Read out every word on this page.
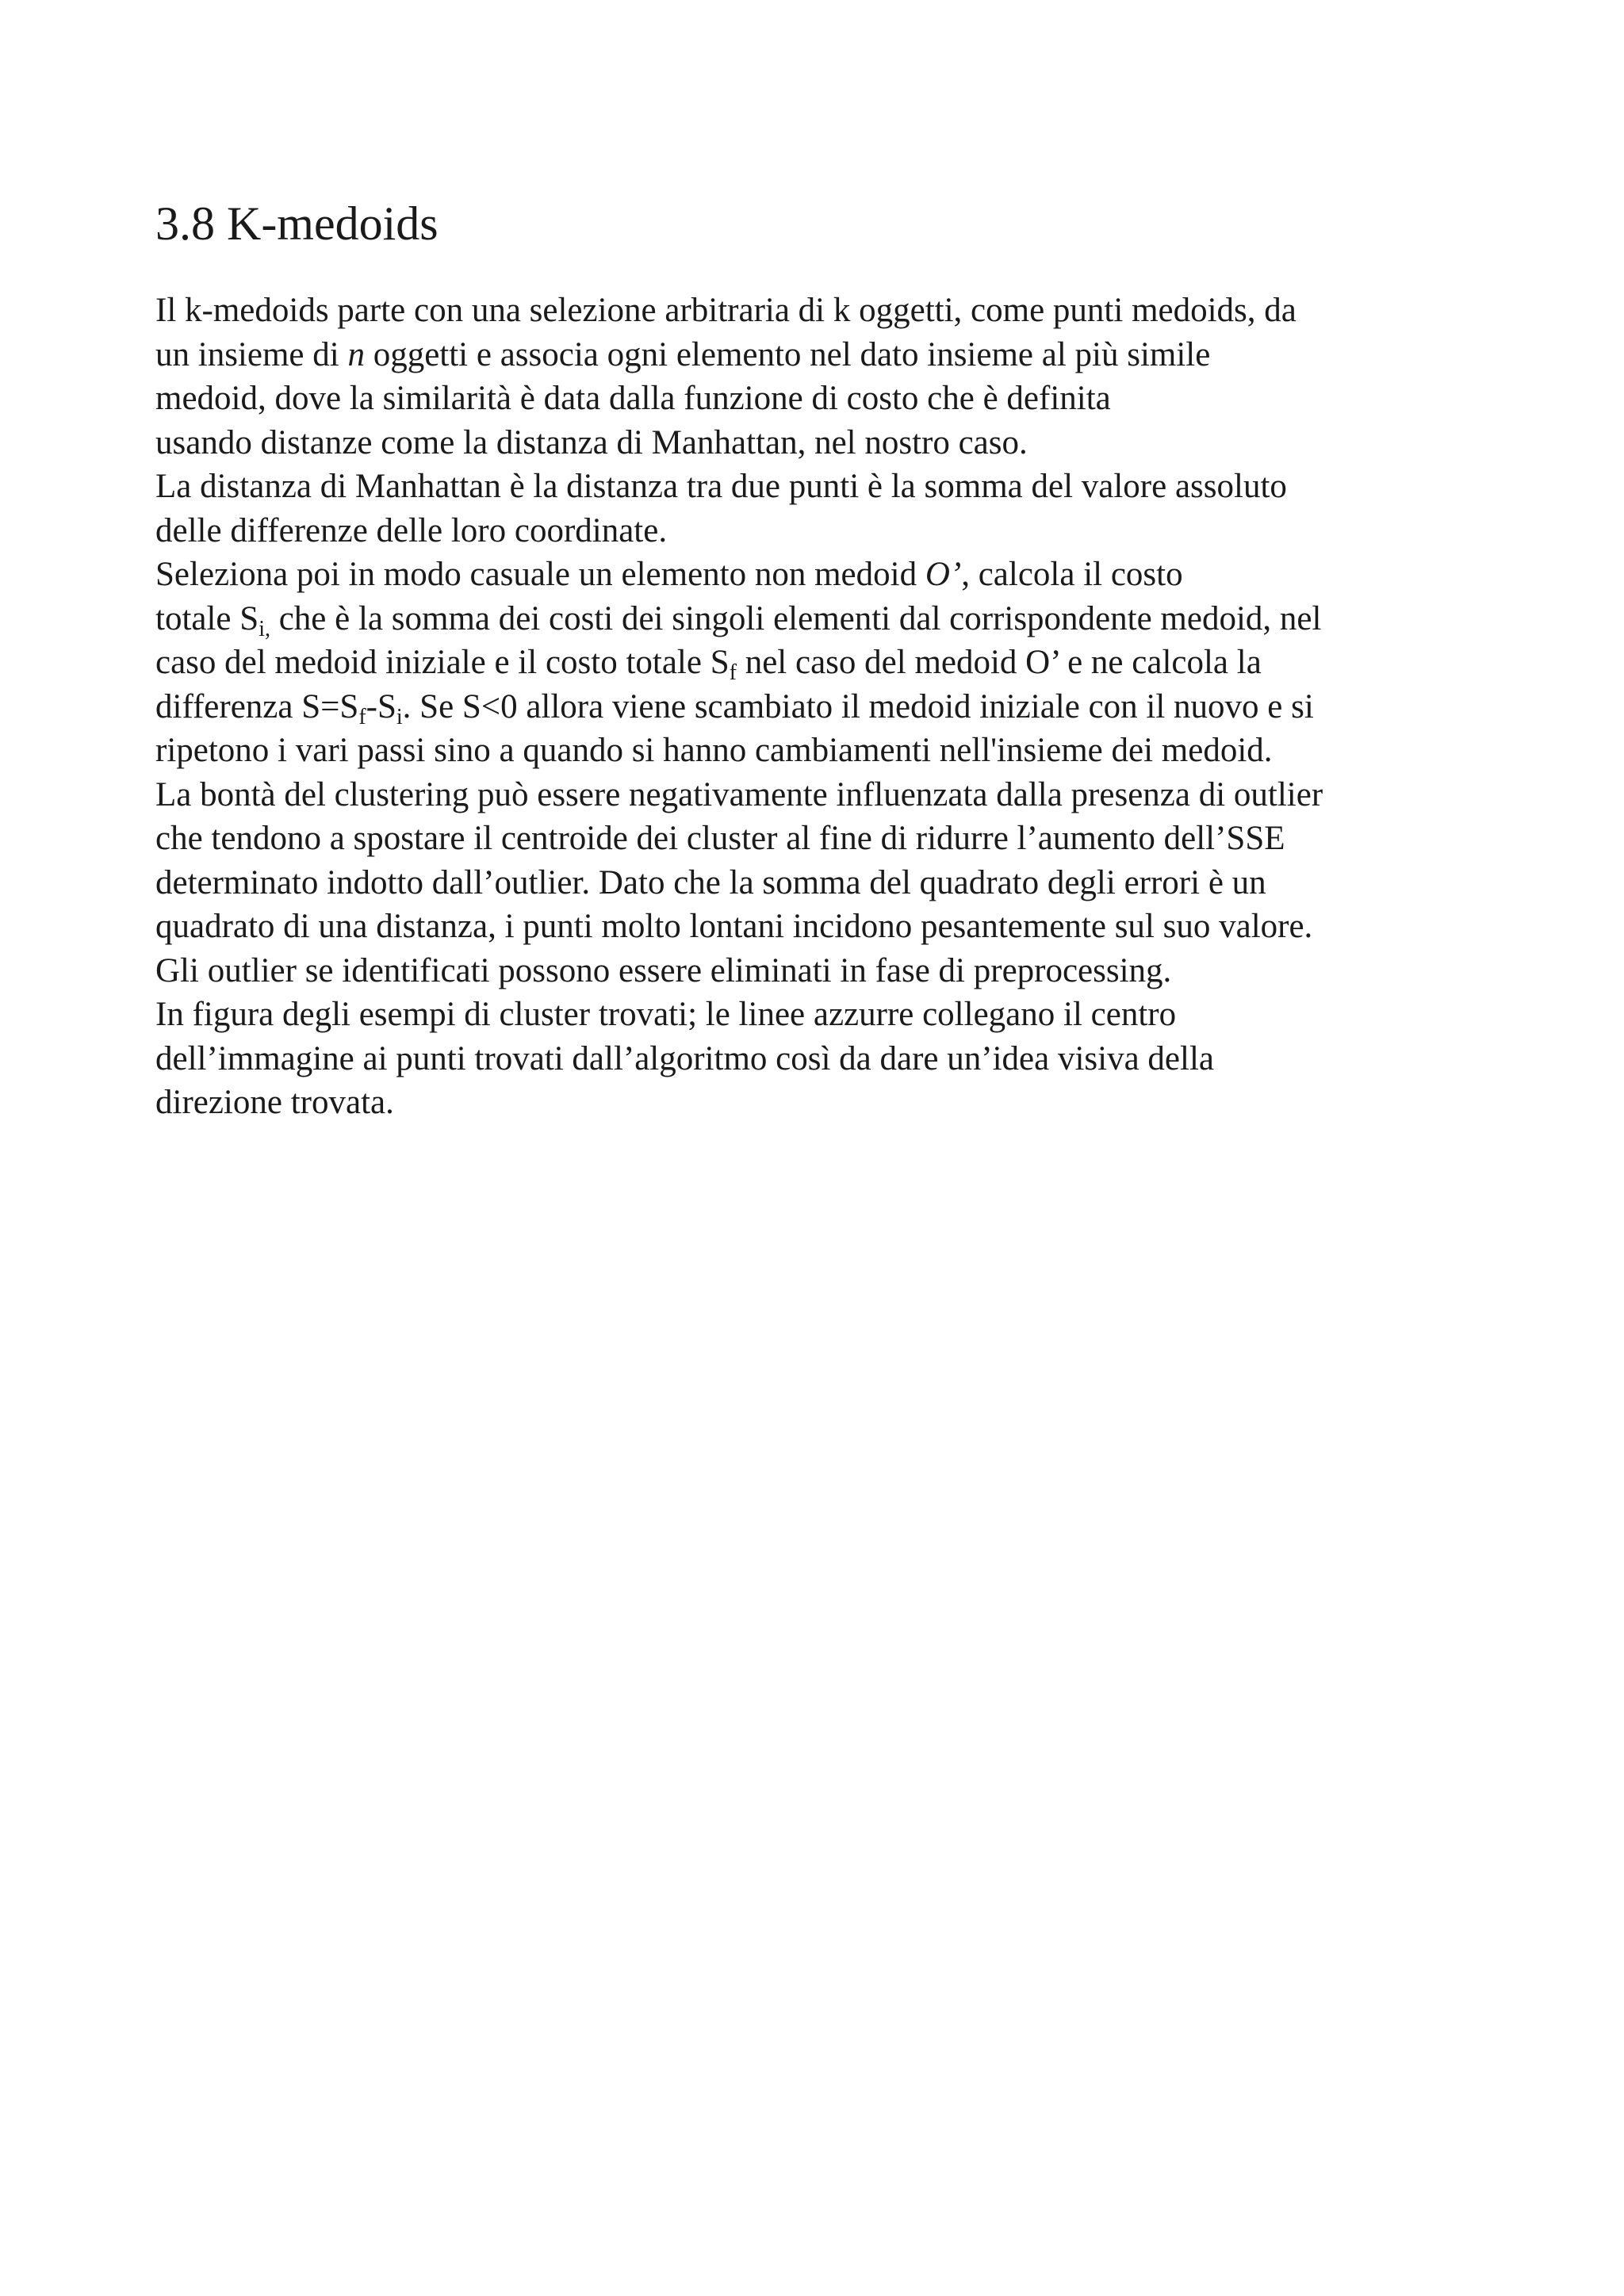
3.8 K-medoids
Il k-medoids parte con una selezione arbitraria di k oggetti, come punti medoids, da
un insieme di n oggetti e associa ogni elemento nel dato insieme al più simile
medoid, dove la similarità è data dalla funzione di costo che è definita
usando distanze come la distanza di Manhattan, nel nostro caso.
La distanza di Manhattan è la distanza tra due punti è la somma del valore assoluto
delle differenze delle loro coordinate.
Seleziona poi in modo casuale un elemento non medoid O’, calcola il costo
totale $S_{i,}$ che è la somma dei costi dei singoli elementi dal corrispondente medoid, nel
caso del medoid iniziale e il costo totale $S_f$ nel caso del medoid O’ e ne calcola la
differenza $S=S_f-S_i$. Se S<0 allora viene scambiato il medoid iniziale con il nuovo e si
ripetono i vari passi sino a quando si hanno cambiamenti nell'insieme dei medoid.
La bontà del clustering può essere negativamente influenzata dalla presenza di outlier
che tendono a spostare il centroide dei cluster al fine di ridurre l’aumento dell’SSE
determinato indotto dall’outlier. Dato che la somma del quadrato degli errori è un
quadrato di una distanza, i punti molto lontani incidono pesantemente sul suo valore.
Gli outlier se identificati possono essere eliminati in fase di preprocessing.
In figura degli esempi di cluster trovati; le linee azzurre collegano il centro
dell’immagine ai punti trovati dall’algoritmo così da dare un’idea visiva della
direzione trovata.
